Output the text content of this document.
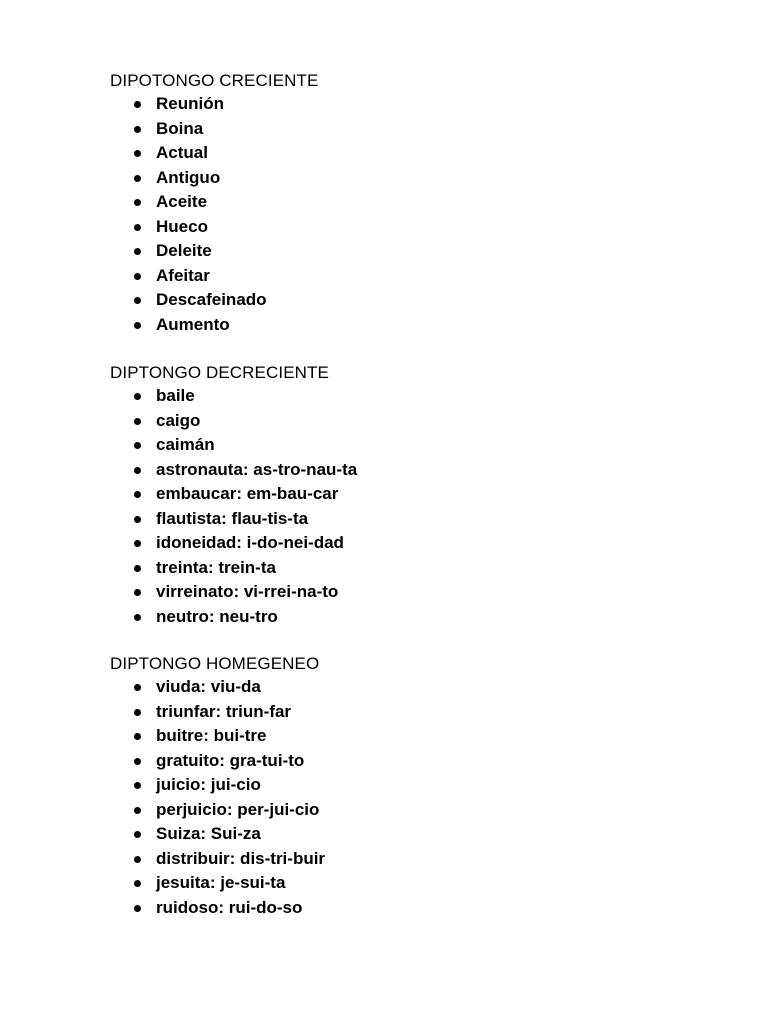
DIPOTONGO CRECIENTE
Reunión
Boina
Actual
Antiguo
Aceite
Hueco
Deleite
Afeitar
Descafeinado
Aumento
DIPTONGO DECRECIENTE
baile
caigo
caimán
astronauta: as-tro-nau-ta
embaucar: em-bau-car
flautista: flau-tis-ta
idoneidad: i-do-nei-dad
treinta: trein-ta
virreinato: vi-rrei-na-to
neutro: neu-tro
DIPTONGO HOMEGENEO
viuda: viu-da
triunfar: triun-far
buitre: bui-tre
gratuito: gra-tui-to
juicio: jui-cio
perjuicio: per-jui-cio
Suiza: Sui-za
distribuir: dis-tri-buir
jesuita: je-sui-ta
ruidoso: rui-do-so
